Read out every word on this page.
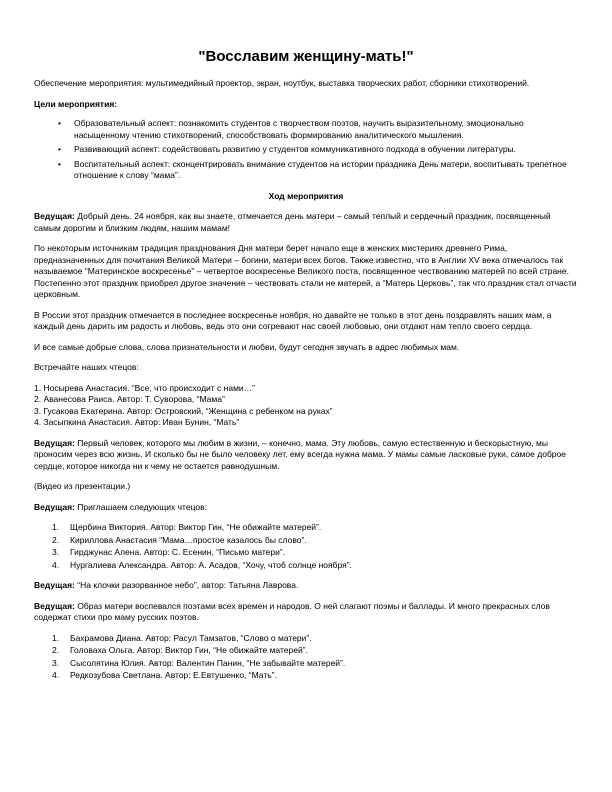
"Восславим женщину-мать!"

Обеспечение мероприятия: мультимедийный проектор, экран, ноутбук, выставка творческих работ, сборники стихотворений.

Цели мероприятия:
• Образовательный аспект: познакомить студентов с творчеством поэтов, научить выразительному, эмоционально насыщенному чтению стихотворений, способствовать формированию аналитического мышления.
• Развивающий аспект: содействовать развитию у студентов коммуникативного подхода в обучении литературы.
• Воспитательный аспект: сконцентрировать внимание студентов на истории праздника День матери, воспитывать трепетное отношение к слову “мама”.
Ход мероприятия

Ведущая: Добрый день. 24 ноября, как вы знаете, отмечается день матери – самый теплый и сердечный праздник, посвященный самым дорогим и близким людям, нашим мамам!

По некоторым источникам традиция празднования Дня матери берет начало еще в женских мистериях древнего Рима, предназначенных для почитания Великой Матери – богини, матери всех богов. Также известно, что в Англии XV века отмечалось так называемое “Материнское воскресенье” – четвертое воскресенье Великого поста, посвященное чествованию матерей по всей стране. Постепенно этот праздник приобрел другое значение – чествовать стали не матерей, а “Матерь Церковь”, так что праздник стал отчасти церковным.

В России этот праздник отмечается в последнее воскресенье ноября, но давайте не только в этот день поздравлять наших мам, а каждый день дарить им радость и любовь, ведь это они согревают нас своей любовью, они отдают нам тепло своего сердца.

И все самые добрые слова, слова признательности и любви, будут сегодня звучать в адрес любимых мам.

Встречайте наших чтецов:

1. Носырева Анастасия. “Все, что происходит с нами…”
2. Аванесова Раиса. Автор: Т. Суворова, “Мама”
3. Гусакова Екатерина. Автор: Островский, “Женщина с ребенком на руках”
4. Засыпкина Анастасия. Автор: Иван Бунин, “Мать”

Ведущая: Первый человек, которого мы любим в жизни, – конечно, мама. Эту любовь, самую естественную и бескорыстную, мы проносим через всю жизнь. И сколько бы не было человеку лет, ему всегда нужна мама. У мамы самые ласковые руки, самое доброе сердце, которое никогда ни к чему не остается равнодушным.

(Видео из презентации.)

Ведущая: Приглашаем следующих чтецов:

1. Щербина Виктория. Автор: Виктор Гин, “Не обижайте матерей”.
2. Кириллова Анастасия “Мама…простое казалось бы слово”.
3. Гирджунас Алена. Автор: С. Есенин, “Письмо матери”.
4. Нургалиева Александра. Автор: А. Асадов, “Хочу, чтоб солнце ноября”.

Ведущая: “На клочки разорванное небо”, автор: Татьяна Лаврова.

Ведущая: Образ матери воспевался поэтами всех времен и народов. О ней слагают поэмы и баллады. И много прекрасных слов содержат стихи про маму русских поэтов.

1. Бахрамова Диана. Автор: Расул Тамзатов, “Слово о матери”.
2. Головаха Ольга. Автор: Виктор Гин, “Не обижайте матерей”.
3. Сысолятина Юлия. Автор: Валентин Панин, “Не забывайте матерей”.
4. Редкозубова Светлана. Автор: Е.Евтушенко, “Мать”.
